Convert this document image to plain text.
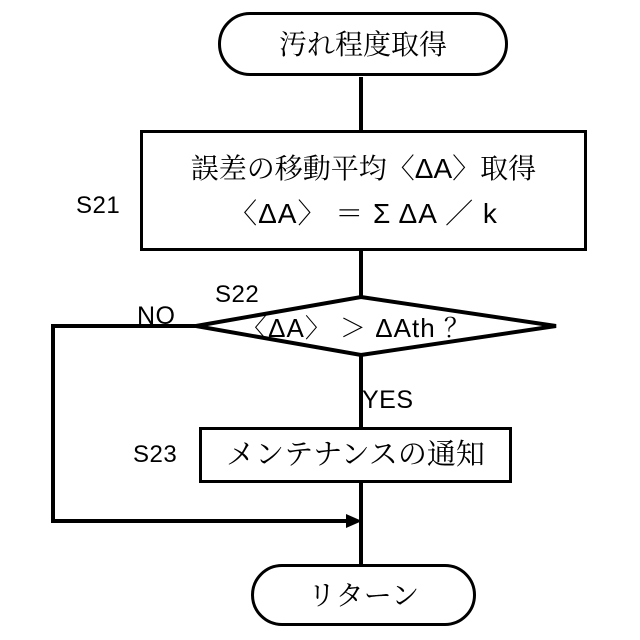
汚れ程度取得
誤差の移動平均〈ΔA〉取得
〈ΔA〉 ＝ Σ ΔA ／ k
S21
〈ΔA〉 ＞ ΔAth ？
S22
NO
YES
メンテナンスの通知
S23
リターン
